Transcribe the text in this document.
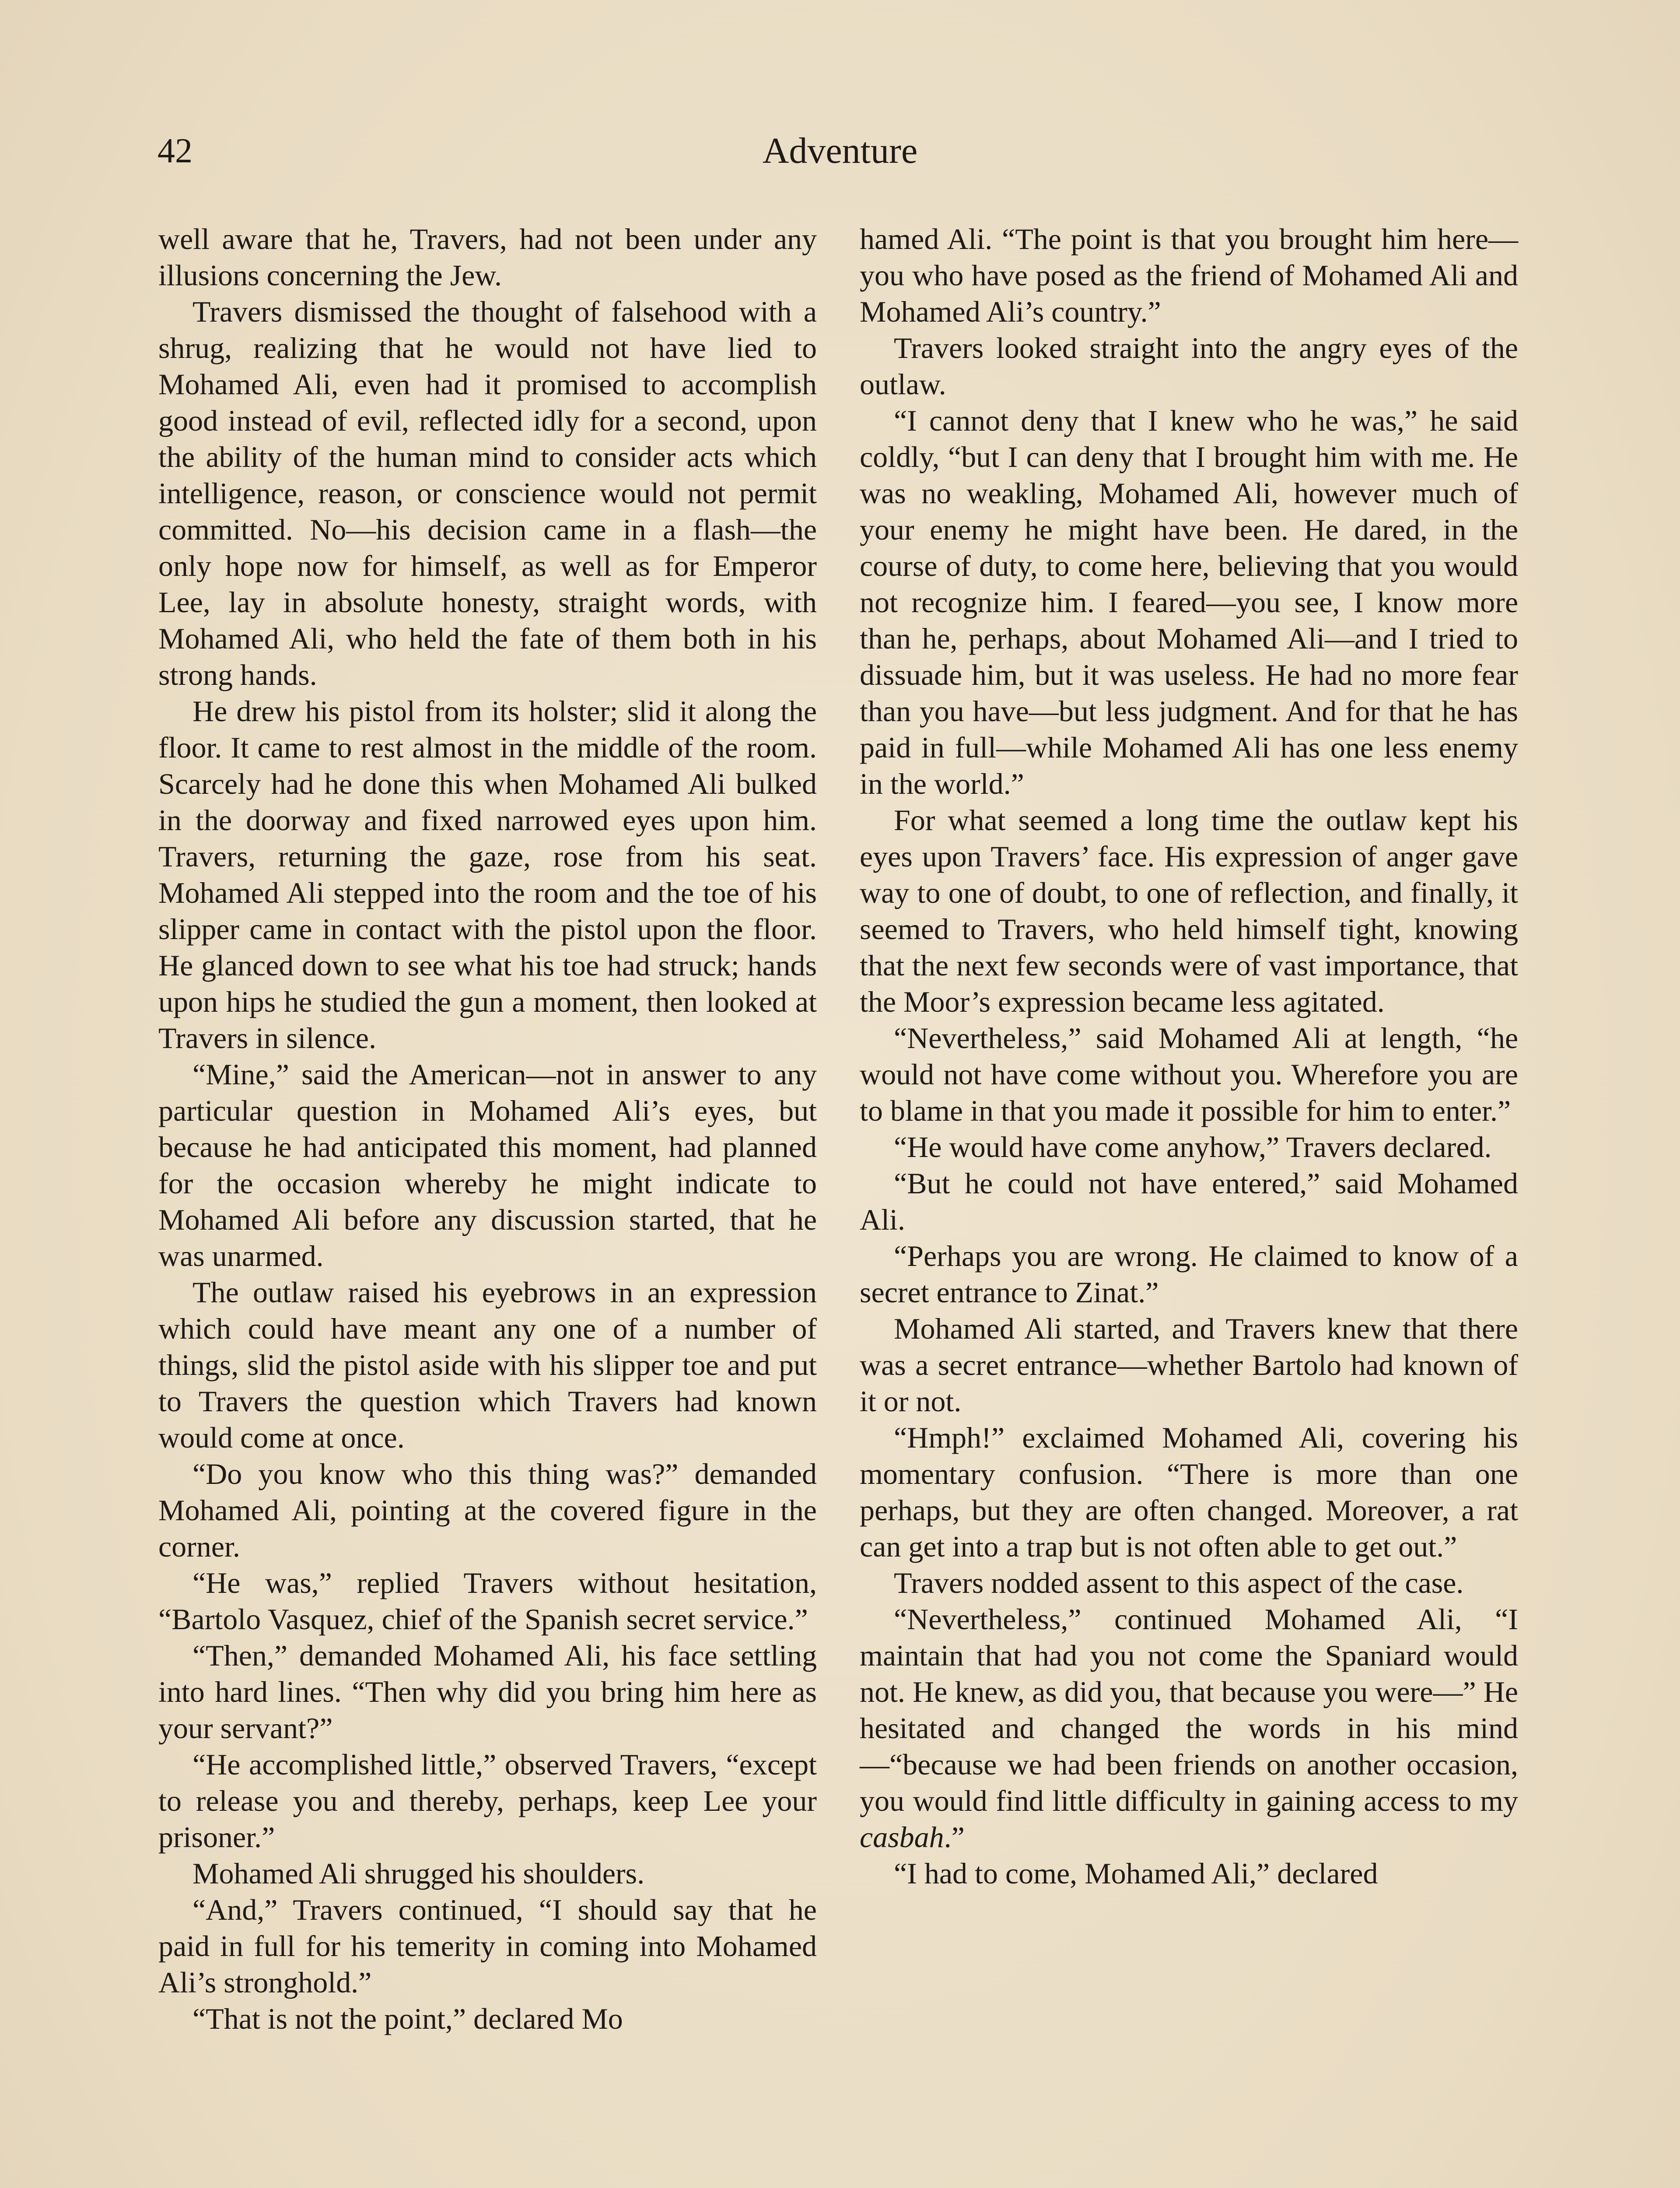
42	Adventure

well aware that he, Travers, had not been under any illusions concerning the Jew.

Travers dismissed the thought of falsehood with a shrug, realizing that he would not have lied to Mohamed Ali, even had it promised to accomplish good instead of evil, reflected idly for a second, upon the ability of the human mind to consider acts which intelligence, reason, or conscience would not permit committed. No—his decision came in a flash—the only hope now for himself, as well as for Emperor Lee, lay in absolute honesty, straight words, with Mohamed Ali, who held the fate of them both in his strong hands.

He drew his pistol from its holster; slid it along the floor. It came to rest almost in the middle of the room. Scarcely had he done this when Mohamed Ali bulked in the doorway and fixed narrowed eyes upon him. Travers, returning the gaze, rose from his seat. Mohamed Ali stepped into the room and the toe of his slipper came in contact with the pistol upon the floor. He glanced down to see what his toe had struck; hands upon hips he studied the gun a moment, then looked at Travers in silence.

“Mine,” said the American—not in answer to any particular question in Mohamed Ali’s eyes, but because he had anticipated this moment, had planned for the occasion whereby he might indicate to Mohamed Ali before any discussion started, that he was unarmed.

The outlaw raised his eyebrows in an expression which could have meant any one of a number of things, slid the pistol aside with his slipper toe and put to Travers the question which Travers had known would come at once.

“Do you know who this thing was?” demanded Mohamed Ali, pointing at the covered figure in the corner.

“He was,” replied Travers without hesitation, “Bartolo Vasquez, chief of the Spanish secret service.”

“Then,” demanded Mohamed Ali, his face settling into hard lines. “Then why did you bring him here as your servant?”

“He accomplished little,” observed Travers, “except to release you and thereby, perhaps, keep Lee your prisoner.”

Mohamed Ali shrugged his shoulders.

“And,” Travers continued, “I should say that he paid in full for his temerity in coming into Mohamed Ali’s stronghold.”

“That is not the point,” declared Mo

hamed Ali. “The point is that you brought him here—you who have posed as the friend of Mohamed Ali and Mohamed Ali’s country.”

Travers looked straight into the angry eyes of the outlaw.

“I cannot deny that I knew who he was,” he said coldly, “but I can deny that I brought him with me. He was no weakling, Mohamed Ali, however much of your enemy he might have been. He dared, in the course of duty, to come here, believing that you would not recognize him. I feared—you see, I know more than he, perhaps, about Mohamed Ali—and I tried to dissuade him, but it was useless. He had no more fear than you have—but less judgment. And for that he has paid in full—while Mohamed Ali has one less enemy in the world.”

For what seemed a long time the outlaw kept his eyes upon Travers’ face. His expression of anger gave way to one of doubt, to one of reflection, and finally, it seemed to Travers, who held himself tight, knowing that the next few seconds were of vast importance, that the Moor’s expression became less agitated.

“Nevertheless,” said Mohamed Ali at length, “he would not have come without you. Wherefore you are to blame in that you made it possible for him to enter.”

“He would have come anyhow,” Travers declared.

“But he could not have entered,” said Mohamed Ali.

“Perhaps you are wrong. He claimed to know of a secret entrance to Zinat.”

Mohamed Ali started, and Travers knew that there was a secret entrance—whether Bartolo had known of it or not.

“Hmph!” exclaimed Mohamed Ali, covering his momentary confusion. “There is more than one perhaps, but they are often changed. Moreover, a rat can get into a trap but is not often able to get out.”

Travers nodded assent to this aspect of the case.

“Nevertheless,” continued Mohamed Ali, “I maintain that had you not come the Spaniard would not. He knew, as did you, that because you were—” He hesitated and changed the words in his mind—“because we had been friends on another occasion, you would find little difficulty in gaining access to my casbah.”

“I had to come, Mohamed Ali,” declared
